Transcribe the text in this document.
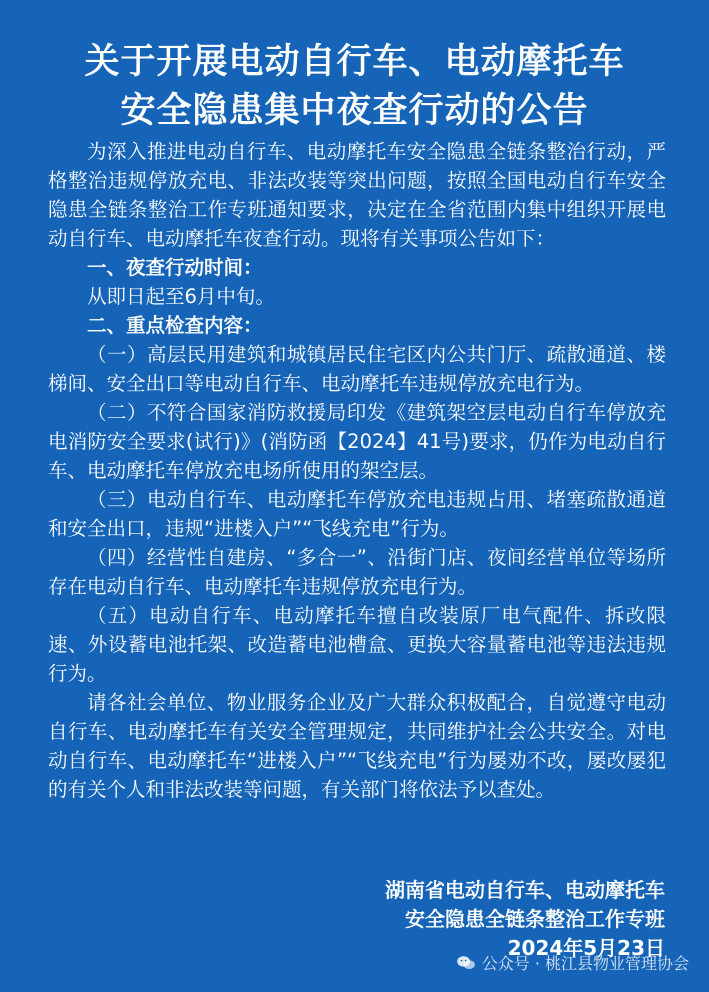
关于开展电动自行车、电动摩托车
安全隐患集中夜查行动的公告

为深入推进电动自行车、电动摩托车安全隐患全链条整治行动，严格整治违规停放充电、非法改装等突出问题，按照全国电动自行车安全隐患全链条整治工作专班通知要求，决定在全省范围内集中组织开展电动自行车、电动摩托车夜查行动。现将有关事项公告如下：

一、夜查行动时间：

从即日起至6月中旬。

二、重点检查内容：

（一）高层民用建筑和城镇居民住宅区内公共门厅、疏散通道、楼梯间、安全出口等电动自行车、电动摩托车违规停放充电行为。

（二）不符合国家消防救援局印发《建筑架空层电动自行车停放充电消防安全要求(试行)》(消防函【2024】41号)要求，仍作为电动自行车、电动摩托车停放充电场所使用的架空层。

（三）电动自行车、电动摩托车停放充电违规占用、堵塞疏散通道和安全出口，违规“进楼入户”“飞线充电”行为。

（四）经营性自建房、“多合一”、沿街门店、夜间经营单位等场所存在电动自行车、电动摩托车违规停放充电行为。

（五）电动自行车、电动摩托车擅自改装原厂电气配件、拆改限速、外设蓄电池托架、改造蓄电池槽盒、更换大容量蓄电池等违法违规行为。

请各社会单位、物业服务企业及广大群众积极配合，自觉遵守电动自行车、电动摩托车有关安全管理规定，共同维护社会公共安全。对电动自行车、电动摩托车“进楼入户”“飞线充电”行为屡劝不改，屡改屡犯的有关个人和非法改装等问题，有关部门将依法予以查处。

湖南省电动自行车、电动摩托车
安全隐患全链条整治工作专班
2024年5月23日
公众号 · 桃江县物业管理协会
